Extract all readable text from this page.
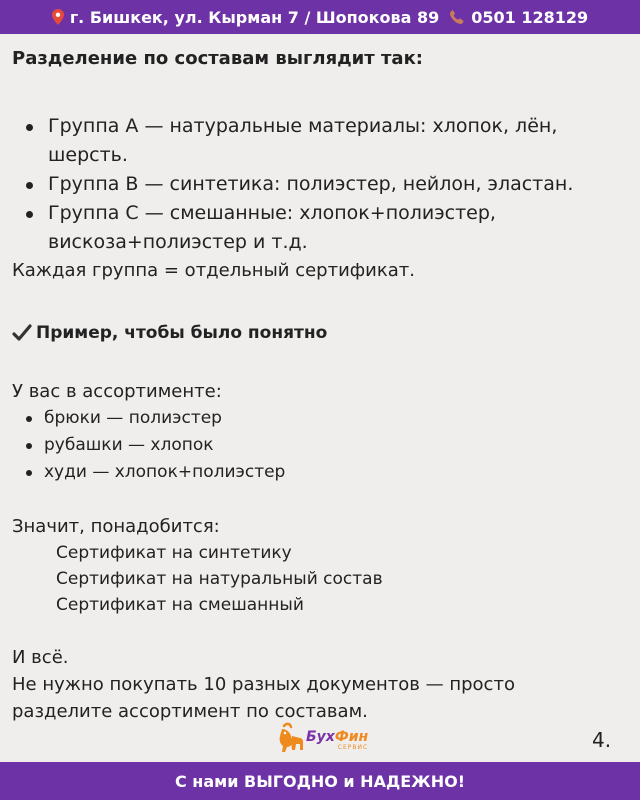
г. Бишкек, ул. Кырман 7 / Шопокова 89 0501 128129

Разделение по составам выглядит так:

Группа А — натуральные материалы: хлопок, лён, шерсть.
Группа В — синтетика: полиэстер, нейлон, эластан.
Группа С — смешанные: хлопок+полиэстер, вискоза+полиэстер и т.д.

Каждая группа = отдельный сертификат.

Пример, чтобы было понятно

У вас в ассортименте:

брюки — полиэстер
рубашки — хлопок
худи — хлопок+полиэстер

Значит, понадобится:

Сертификат на синтетику
Сертификат на натуральный состав
Сертификат на смешанный

И всё.

Не нужно покупать 10 разных документов — просто

разделите ассортимент по составам.

БухФин
СЕРВИС	4.
С нами ВЫГОДНО и НАДЕЖНО!
